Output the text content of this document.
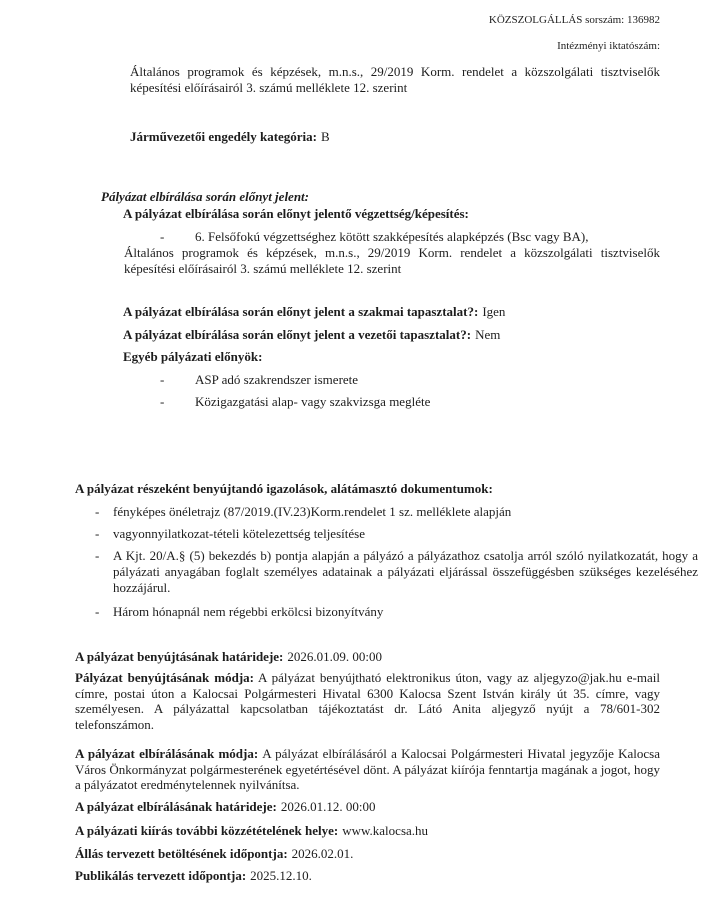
KÖZSZOLGÁLLÁS sorszám: 136982
Intézményi iktatószám:

Általános programok és képzések, m.n.s., 29/2019 Korm. rendelet a közszolgálati tisztviselők képesítési előírásairól 3. számú melléklete 12. szerint

Járművezetői engedély kategória: B

Pályázat elbírálása során előnyt jelent:

A pályázat elbírálása során előnyt jelentő végzettség/képesítés:

- 6. Felsőfokú végzettséghez kötött szakképesítés alapképzés (Bsc vagy BA),
Általános programok és képzések, m.n.s., 29/2019 Korm. rendelet a közszolgálati tisztviselők képesítési előírásairól 3. számú melléklete 12. szerint

A pályázat elbírálása során előnyt jelent a szakmai tapasztalat?: Igen

A pályázat elbírálása során előnyt jelent a vezetői tapasztalat?: Nem

Egyéb pályázati előnyök:

- ASP adó szakrendszer ismerete
- Közigazgatási alap- vagy szakvizsga megléte

A pályázat részeként benyújtandó igazolások, alátámasztó dokumentumok:

- fényképes önéletrajz (87/2019.(IV.23)Korm.rendelet 1 sz. melléklete alapján
- vagyonnyilatkozat-tételi kötelezettség teljesítése
- A Kjt. 20/A.§ (5) bekezdés b) pontja alapján a pályázó a pályázathoz csatolja arról szóló nyilatkozatát, hogy a pályázati anyagában foglalt személyes adatainak a pályázati eljárással összefüggésben szükséges kezeléséhez hozzájárul.
- Három hónapnál nem régebbi erkölcsi bizonyítvány

A pályázat benyújtásának határideje: 2026.01.09. 00:00

Pályázat benyújtásának módja: A pályázat benyújtható elektronikus úton, vagy az aljegyzo@jak.hu e-mail címre, postai úton a Kalocsai Polgármesteri Hivatal 6300 Kalocsa Szent István király út 35. címre, vagy személyesen. A pályázattal kapcsolatban tájékoztatást dr. Látó Anita aljegyző nyújt a 78/601-302 telefonszámon.

A pályázat elbírálásának módja: A pályázat elbírálásáról a Kalocsai Polgármesteri Hivatal jegyzője Kalocsa Város Önkormányzat polgármesterének egyetértésével dönt. A pályázat kiírója fenntartja magának a jogot, hogy a pályázatot eredménytelennek nyilvánítsa.

A pályázat elbírálásának határideje: 2026.01.12. 00:00

A pályázati kiírás további közzétételének helye: www.kalocsa.hu

Állás tervezett betöltésének időpontja: 2026.02.01.

Publikálás tervezett időpontja: 2025.12.10.
